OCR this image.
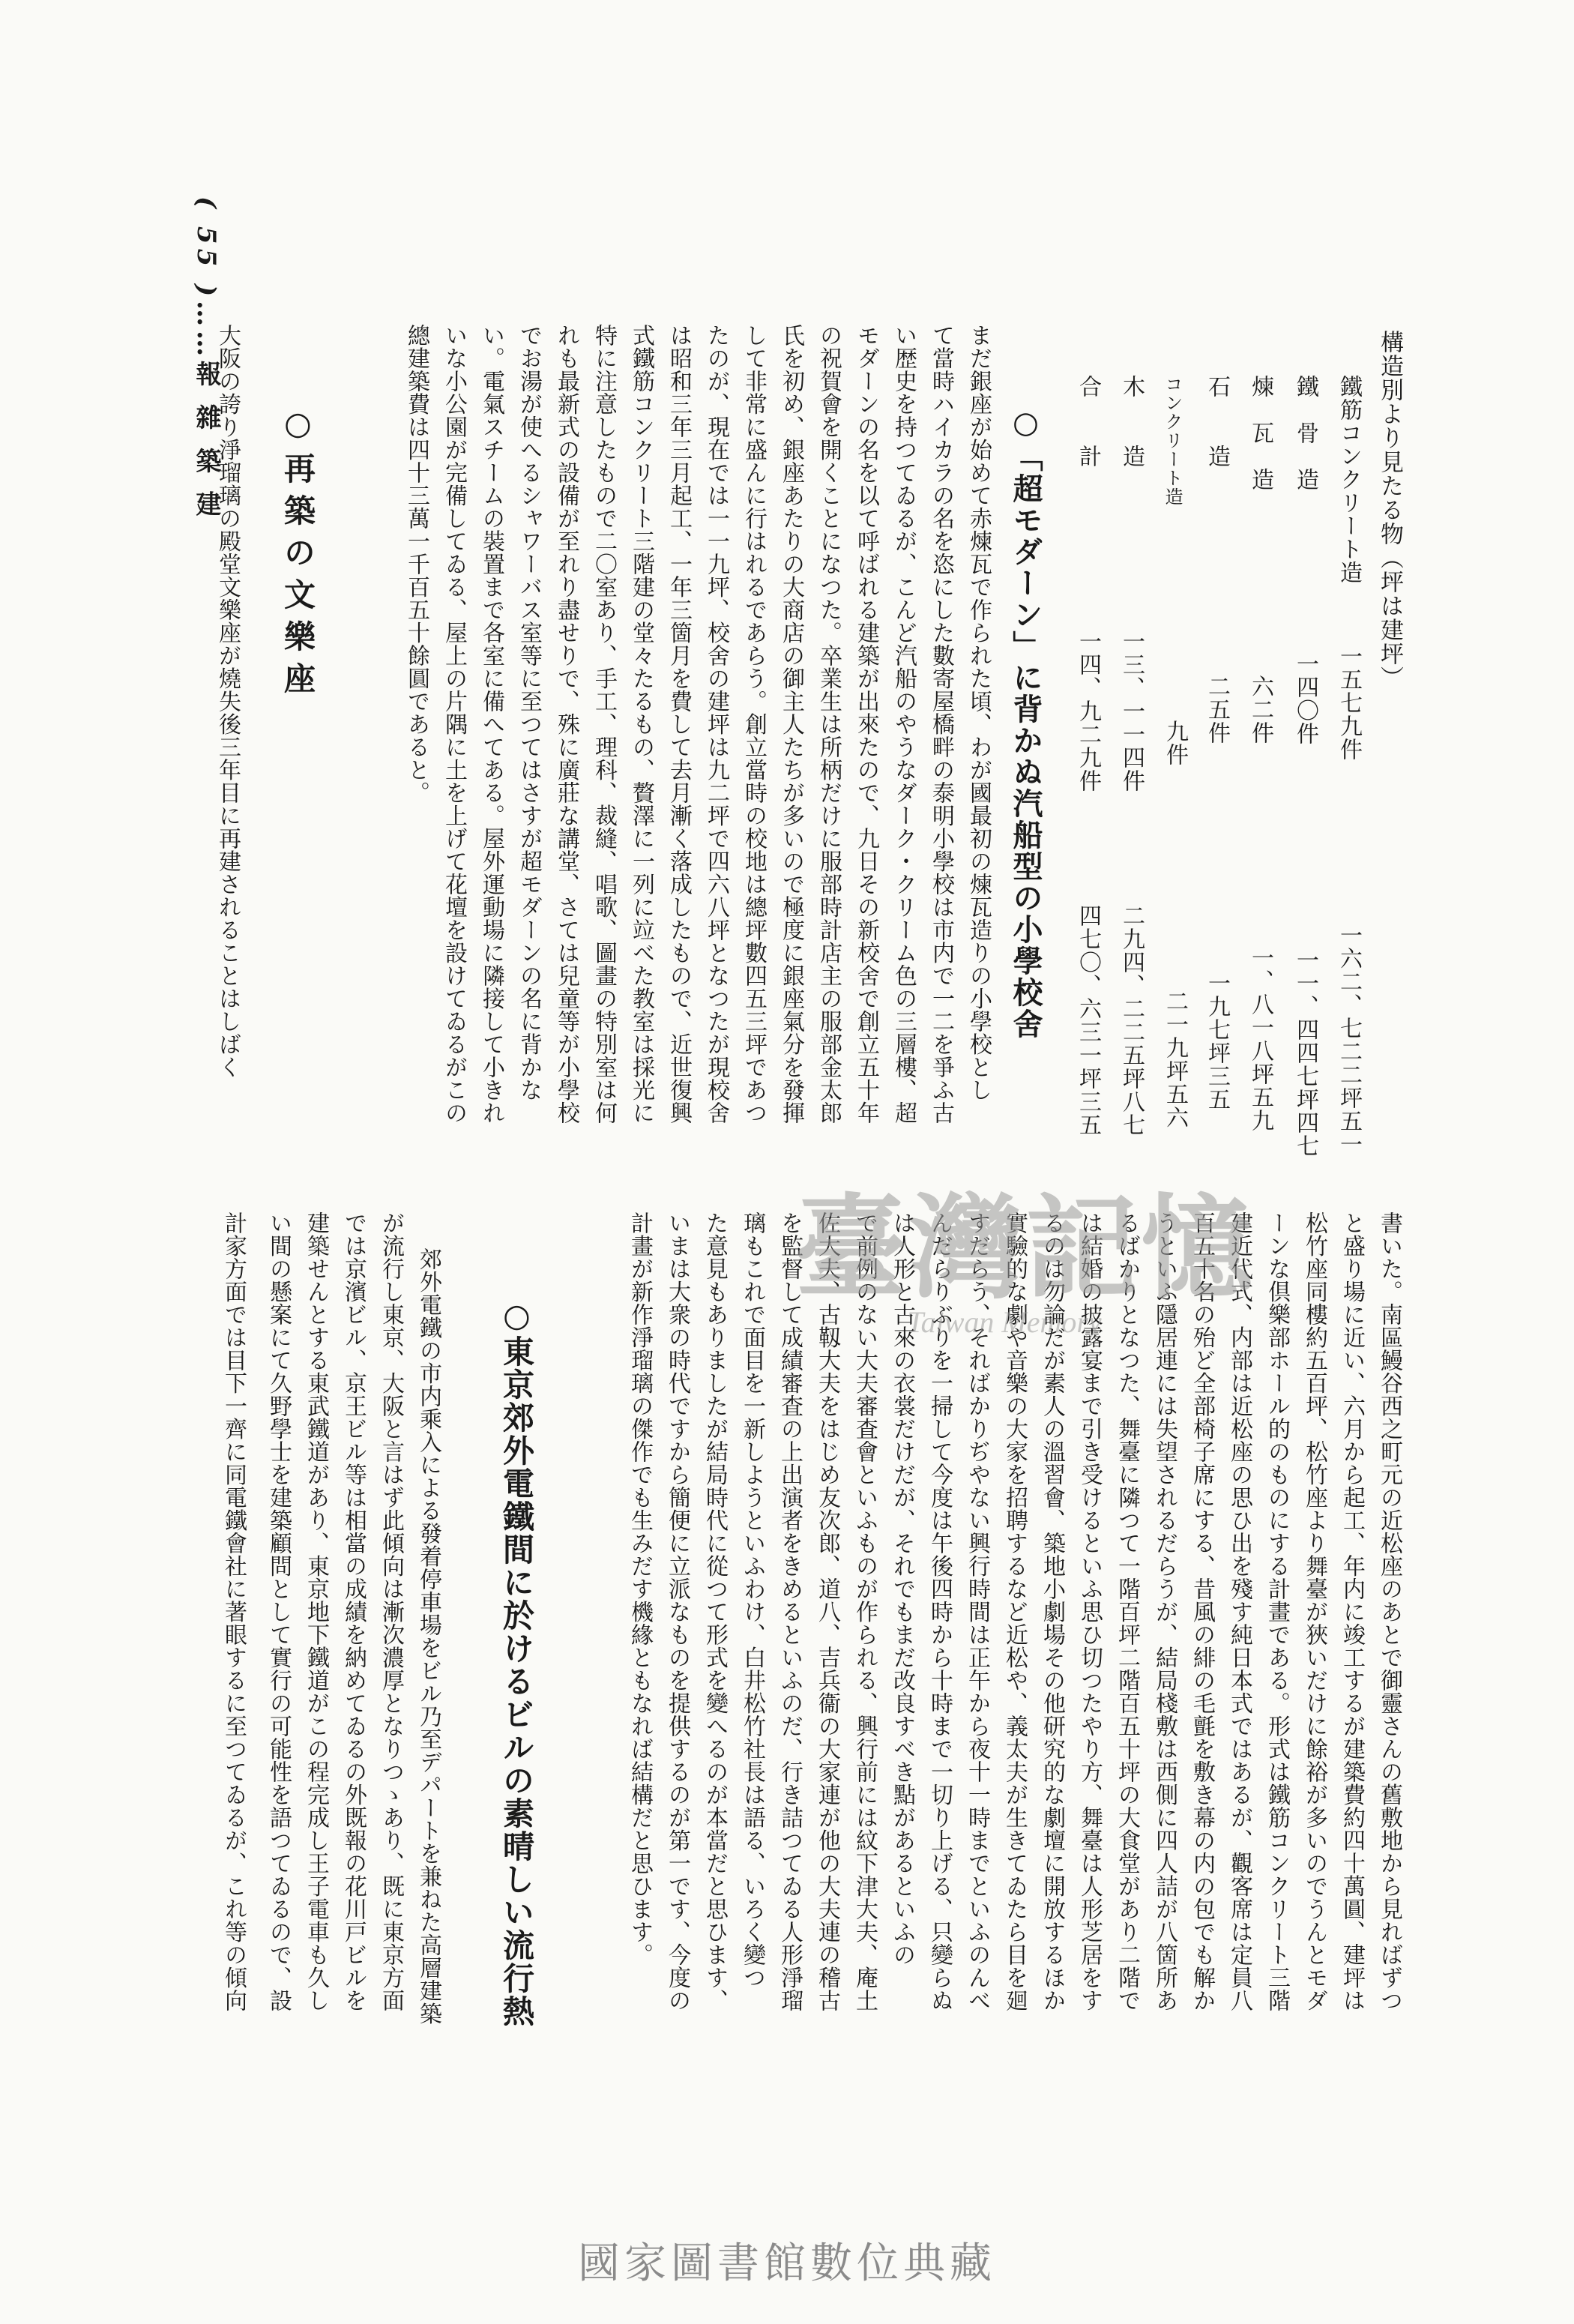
( 55 )……報 雜 築 建	構造別より見たる物（坪は建坪）
鐵筋コンクリート造
一五七九件
一六二、七二二坪五一
鐵　骨　造
一四〇件
一一、四四七坪四七
煉　瓦　造
六二件
一、八一八坪五九
石　　造
二五件
一九七坪三五
コンクリート造
九件
二一九坪五六
木　　造
一三、一一四件
二九四、二二五坪八七
合　　計
一四、九二九件
四七〇、六三一坪三五
○「超モダーン」に背かぬ汽船型の小學校舍
まだ銀座が始めて赤煉瓦で作られた頃、わが國最初の煉瓦造りの小學校とし
て當時ハイカラの名を恣にした數寄屋橋畔の泰明小學校は市内で一二を爭ふ古
い歴史を持つてゐるが、こんど汽船のやうなダーク・クリーム色の三層樓、超
モダーンの名を以て呼ばれる建築が出來たので、九日その新校舍で創立五十年
の祝賀會を開くことになつた。卒業生は所柄だけに服部時計店主の服部金太郎
氏を初め、銀座あたりの大商店の御主人たちが多いので極度に銀座氣分を發揮
して非常に盛んに行はれるであらう。創立當時の校地は總坪數四五三坪であつ
たのが、現在では一一九坪、校舍の建坪は九二坪で四六八坪となつたが現校舍
は昭和三年三月起工、一年三箇月を費して去月漸く落成したもので、近世復興
式鐵筋コンクリート三階建の堂々たるもの、贅澤に一列に竝べた教室は採光に
特に注意したもので二〇室あり、手工、理科、裁縫、唱歌、圖畫の特別室は何
れも最新式の設備が至れり盡せりで、殊に廣莊な講堂、さては兒童等が小學校
でお湯が使へるシャワーバス室等に至つてはさすが超モダーンの名に背かな
い。電氣スチームの裝置まで各室に備へてある。屋外運動場に隣接して小きれ
いな小公園が完備してゐる、屋上の片隅に土を上げて花壇を設けてゐるがこの
總建築費は四十三萬一千百五十餘圓であると。
○再築の文樂座
大阪の誇り淨瑠璃の殿堂文樂座が燒失後三年目に再建されることはしばく
書いた。南區鰻谷西之町元の近松座のあとで御靈さんの舊敷地から見ればずつ
と盛り場に近い、六月から起工、年内に竣工するが建築費約四十萬圓、建坪は
松竹座同樓約五百坪、松竹座より舞臺が狹いだけに餘裕が多いのでうんとモダ
ーンな倶樂部ホール的のものにする計畫である。形式は鐵筋コンクリート三階
建近代式、内部は近松座の思ひ出を殘す純日本式ではあるが、觀客席は定員八
百五十名の殆ど全部椅子席にする、昔風の緋の毛氈を敷き幕の内の包でも解か
うといふ隱居連には失望されるだらうが、結局棧敷は西側に四人詰が八箇所あ
るばかりとなつた、舞臺に隣つて一階百坪二階百五十坪の大食堂があり二階で
は結婚の披露宴まで引き受けるといふ思ひ切つたやり方、舞臺は人形芝居をす
るのは勿論だが素人の溫習會、築地小劇場その他研究的な劇壇に開放するほか
實驗的な劇や音樂の大家を招聘するなど近松や、義太夫が生きてゐたら目を廻
すだらう、そればかりぢやない興行時間は正午から夜十一時までといふのんべ
んだらりぶりを一掃して今度は午後四時から十時まで一切り上げる、只變らぬ
は人形と古來の衣裳だけだが、それでもまだ改良すべき點があるといふの
で前例のない大夫審査會といふものが作られる、興行前には紋下津大夫、庵土
佐大夫、古靱大夫をはじめ友次郎、道八、吉兵衞の大家連が他の大夫連の稽古
を監督して成績審査の上出演者をきめるといふのだ、行き詰つてゐる人形淨瑠
璃もこれで面目を一新しようといふわけ、白井松竹社長は語る、いろく變つ
た意見もありましたが結局時代に從つて形式を變へるのが本當だと思ひます、
いまは大衆の時代ですから簡便に立派なものを提供するのが第一です、今度の
計畫が新作淨瑠璃の傑作でも生みだす機緣ともなれば結構だと思ひます。
○東京郊外電鐵間に於けるビルの素晴しい流行熱
郊外電鐵の市内乘入による發着停車場をビル乃至デパートを兼ねた高層建築
が流行し東京、大阪と言はず此傾向は漸次濃厚となりつゝあり、既に東京方面
では京濱ビル、京王ビル等は相當の成績を納めてゐるの外既報の花川戸ビルを
建築せんとする東武鐵道があり、東京地下鐵道がこの程完成し王子電車も久し
い間の懸案にて久野學士を建築顧問として實行の可能性を語つてゐるので、設
計家方面では目下一齊に同電鐵會社に著眼するに至つてゐるが、これ等の傾向	臺灣記憶
Taiwan Memory
國家圖書館數位典藏
